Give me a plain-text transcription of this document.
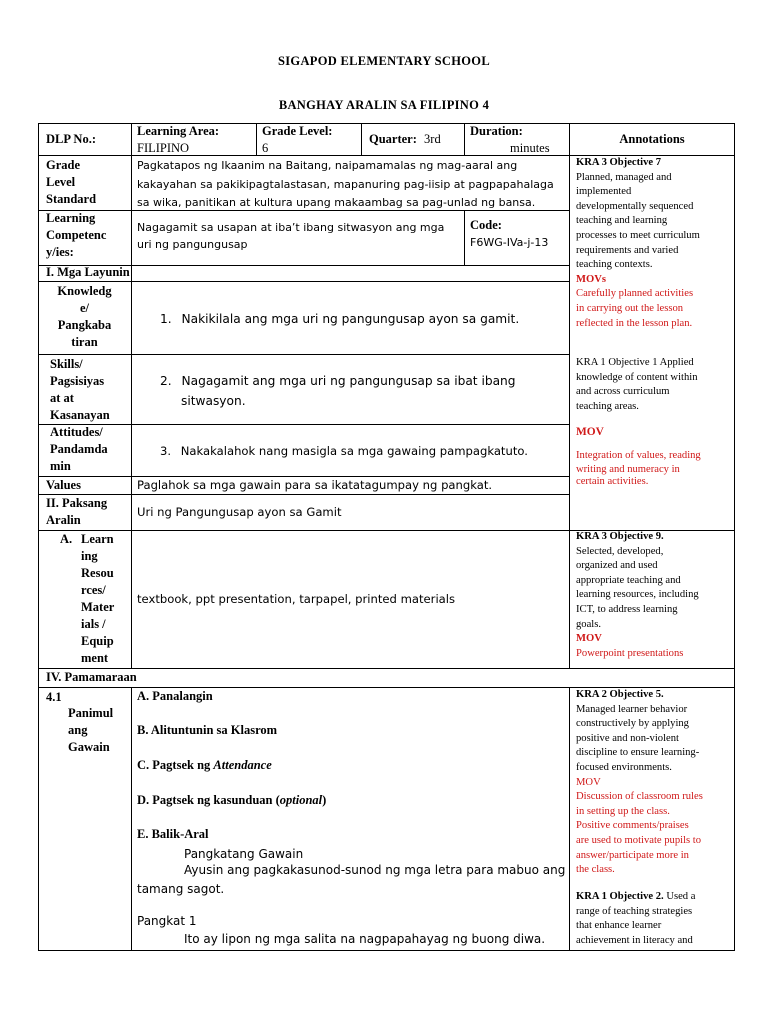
SIGAPOD ELEMENTARY SCHOOL
BANGHAY ARALIN SA FILIPINO 4
DLP No.:
Learning Area:
FILIPINO
Grade Level:
6
Quarter: 3rd
Duration:
minutes
Annotations
Grade
Level
Standard
Pagkatapos ng Ikaanim na Baitang, naipamamalas ng mag-aaral ang
kakayahan sa pakikipagtalastasan, mapanuring pag-iisip at pagpapahalaga
sa wika, panitikan at kultura upang makaambag sa pag-unlad ng bansa.
Learning
Competenc
y/ies:
Nagagamit sa usapan at iba’t ibang sitwasyon ang mga
uri ng pangungusap
Code:
F6WG-IVa-j-13
I. Mga Layunin
Knowledg
e/
Pangkaba
tiran
1. Nakikilala ang mga uri ng pangungusap ayon sa gamit.
Skills/
Pagsisiyas
at at
Kasanayan
2. Nagagamit ang mga uri ng pangungusap sa ibat ibang
sitwasyon.
Attitudes/
Pandamda
min
3. Nakakalahok nang masigla sa mga gawaing pampagkatuto.
Values	Paglahok sa mga gawain para sa ikatatagumpay ng pangkat.
II. Paksang
Aralin
Uri ng Pangungusap ayon sa Gamit
A. Learn
ing
Resou
rces/
Mater
ials /
Equip
ment
textbook, ppt presentation, tarpapel, printed materials
IV. Pamamaraan
4.1
Panimul
ang
Gawain
A. Panalangin
B. Alituntunin sa Klasrom
C. Pagtsek ng Attendance
D. Pagtsek ng kasunduan (optional)
E. Balik-Aral
Pangkatang Gawain
Ayusin ang pagkakasunod-sunod ng mga letra para mabuo ang
tamang sagot.
Pangkat 1
Ito ay lipon ng mga salita na nagpapahayag ng buong diwa.
KRA 3 Objective 7
Planned, managed and
implemented
developmentally sequenced
teaching and learning
processes to meet curriculum
requirements and varied
teaching contexts.
MOVs
Carefully planned activities
in carrying out the lesson
reflected in the lesson plan.
KRA 1 Objective 1 Applied
knowledge of content within
and across curriculum
teaching areas.
MOV
Integration of values, reading
writing and numeracy in
certain activities.
KRA 3 Objective 9.
Selected, developed,
organized and used
appropriate teaching and
learning resources, including
ICT, to address learning
goals.
MOV
Powerpoint presentations
KRA 2 Objective 5.
Managed learner behavior
constructively by applying
positive and non-violent
discipline to ensure learning-
focused environments.
MOV
Discussion of classroom rules
in setting up the class.
Positive comments/praises
are used to motivate pupils to
answer/participate more in
the class.
KRA 1 Objective 2. Used a
range of teaching strategies
that enhance learner
achievement in literacy and
